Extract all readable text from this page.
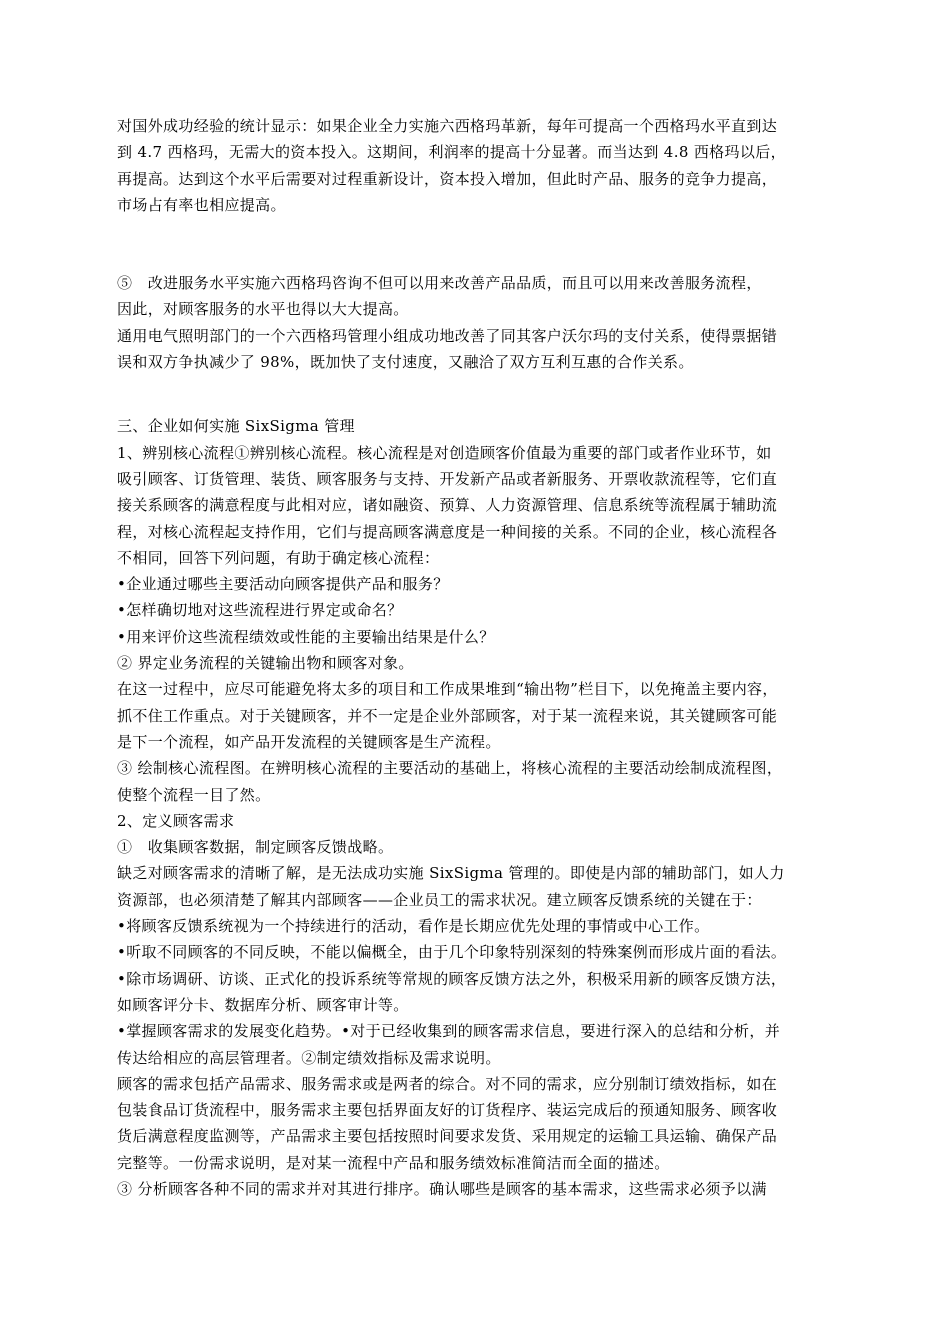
对国外成功经验的统计显示：如果企业全力实施六西格玛革新，每年可提高一个西格玛水平直到达
到 4.7 西格玛，无需大的资本投入。这期间，利润率的提高十分显著。而当达到 4.8 西格玛以后，
再提高。达到这个水平后需要对过程重新设计，资本投入增加，但此时产品、服务的竞争力提高，
市场占有率也相应提高。
⑤　改进服务水平实施六西格玛咨询不但可以用来改善产品品质，而且可以用来改善服务流程，
因此，对顾客服务的水平也得以大大提高。
通用电气照明部门的一个六西格玛管理小组成功地改善了同其客户沃尔玛的支付关系，使得票据错
误和双方争执减少了 98%，既加快了支付速度，又融洽了双方互利互惠的合作关系。
三、企业如何实施 SixSigma 管理
1、辨别核心流程①辨别核心流程。核心流程是对创造顾客价值最为重要的部门或者作业环节，如
吸引顾客、订货管理、装货、顾客服务与支持、开发新产品或者新服务、开票收款流程等，它们直
接关系顾客的满意程度与此相对应，诸如融资、预算、人力资源管理、信息系统等流程属于辅助流
程，对核心流程起支持作用，它们与提高顾客满意度是一种间接的关系。不同的企业，核心流程各
不相同，回答下列问题，有助于确定核心流程：
•企业通过哪些主要活动向顾客提供产品和服务？
•怎样确切地对这些流程进行界定或命名？
•用来评价这些流程绩效或性能的主要输出结果是什么？
② 界定业务流程的关键输出物和顾客对象。
在这一过程中，应尽可能避免将太多的项目和工作成果堆到“输出物”栏目下，以免掩盖主要内容，
抓不住工作重点。对于关键顾客，并不一定是企业外部顾客，对于某一流程来说，其关键顾客可能
是下一个流程，如产品开发流程的关键顾客是生产流程。
③ 绘制核心流程图。在辨明核心流程的主要活动的基础上，将核心流程的主要活动绘制成流程图，
使整个流程一目了然。
2、定义顾客需求
①　收集顾客数据，制定顾客反馈战略。
缺乏对顾客需求的清晰了解，是无法成功实施 SixSigma 管理的。即使是内部的辅助部门，如人力
资源部，也必须清楚了解其内部顾客——企业员工的需求状况。建立顾客反馈系统的关键在于：
•将顾客反馈系统视为一个持续进行的活动，看作是长期应优先处理的事情或中心工作。
•听取不同顾客的不同反映，不能以偏概全，由于几个印象特别深刻的特殊案例而形成片面的看法。
•除市场调研、访谈、正式化的投诉系统等常规的顾客反馈方法之外，积极采用新的顾客反馈方法，
如顾客评分卡、数据库分析、顾客审计等。
•掌握顾客需求的发展变化趋势。•对于已经收集到的顾客需求信息，要进行深入的总结和分析，并
传达给相应的高层管理者。②制定绩效指标及需求说明。
顾客的需求包括产品需求、服务需求或是两者的综合。对不同的需求，应分别制订绩效指标，如在
包装食品订货流程中，服务需求主要包括界面友好的订货程序、装运完成后的预通知服务、顾客收
货后满意程度监测等，产品需求主要包括按照时间要求发货、采用规定的运输工具运输、确保产品
完整等。一份需求说明，是对某一流程中产品和服务绩效标准简洁而全面的描述。
③ 分析顾客各种不同的需求并对其进行排序。确认哪些是顾客的基本需求，这些需求必须予以满
